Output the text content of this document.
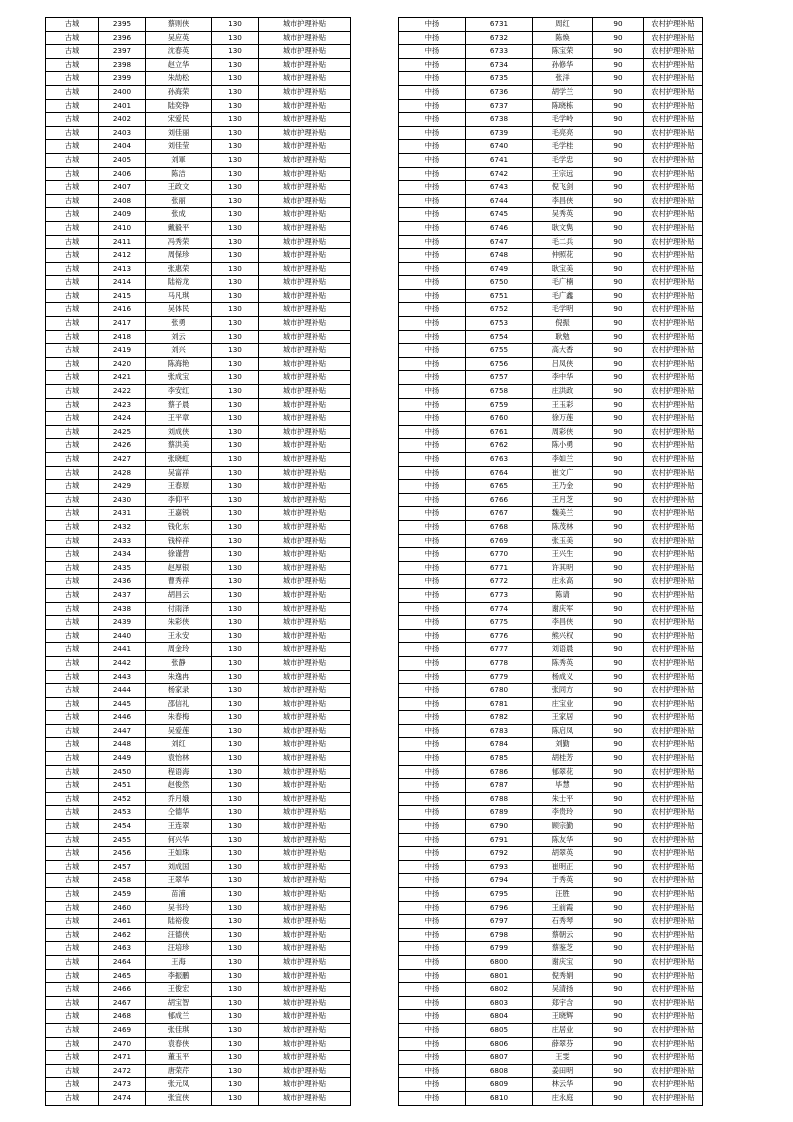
古城	2395	蔡则侠	130	城市护理补贴
古城	2396	吴应英	130	城市护理补贴
古城	2397	沈春英	130	城市护理补贴
古城	2398	赵立华	130	城市护理补贴
古城	2399	朱劼松	130	城市护理补贴
古城	2400	孙海荣	130	城市护理补贴
古城	2401	陆奕铮	130	城市护理补贴
古城	2402	宋爱民	130	城市护理补贴
古城	2403	刘佳丽	130	城市护理补贴
古城	2404	刘佳莹	130	城市护理补贴
古城	2405	刘軍	130	城市护理补贴
古城	2406	陈洁	130	城市护理补贴
古城	2407	王政文	130	城市护理补贴
古城	2408	张丽	130	城市护理补贴
古城	2409	张成	130	城市护理补贴
古城	2410	戴毅平	130	城市护理补贴
古城	2411	冯秀荣	130	城市护理补贴
古城	2412	周保珍	130	城市护理补贴
古城	2413	张惠荣	130	城市护理补贴
古城	2414	陆裕龙	130	城市护理补贴
古城	2415	马凡琪	130	城市护理补贴
古城	2416	吴体民	130	城市护理补贴
古城	2417	张勇	130	城市护理补贴
古城	2418	刘云	130	城市护理补贴
古城	2419	刘兴	130	城市护理补贴
古城	2420	陈海艳	130	城市护理补贴
古城	2421	张成宝	130	城市护理补贴
古城	2422	李安红	130	城市护理补贴
古城	2423	蔡子晨	130	城市护理补贴
古城	2424	王平章	130	城市护理补贴
古城	2425	刘成侠	130	城市护理补贴
古城	2426	蔡洪美	130	城市护理补贴
古城	2427	张晓虹	130	城市护理补贴
古城	2428	吴富祥	130	城市护理补贴
古城	2429	王春原	130	城市护理补贴
古城	2430	李仰平	130	城市护理补贴
古城	2431	王嘉锐	130	城市护理补贴
古城	2432	钱化东	130	城市护理补贴
古城	2433	钱梓祥	130	城市护理补贴
古城	2434	徐谨营	130	城市护理补贴
古城	2435	赵厚银	130	城市护理补贴
古城	2436	曹秀祥	130	城市护理补贴
古城	2437	胡昌云	130	城市护理补贴
古城	2438	付雨泽	130	城市护理补贴
古城	2439	朱彩侠	130	城市护理补贴
古城	2440	王永安	130	城市护理补贴
古城	2441	周金玲	130	城市护理补贴
古城	2442	张静	130	城市护理补贴
古城	2443	朱逸冉	130	城市护理补贴
古城	2444	杨家录	130	城市护理补贴
古城	2445	邵信礼	130	城市护理补贴
古城	2446	朱春梅	130	城市护理补贴
古城	2447	吴爱莲	130	城市护理补贴
古城	2448	刘红	130	城市护理补贴
古城	2449	袁怡林	130	城市护理补贴
古城	2450	程语海	130	城市护理补贴
古城	2451	赵俊然	130	城市护理补贴
古城	2452	乔月娥	130	城市护理补贴
古城	2453	仝德华	130	城市护理补贴
古城	2454	王连翠	130	城市护理补贴
古城	2455	何兴华	130	城市护理补贴
古城	2456	王如珠	130	城市护理补贴
古城	2457	刘成国	130	城市护理补贴
古城	2458	王翠华	130	城市护理补贴
古城	2459	苗浦	130	城市护理补贴
古城	2460	吴书玲	130	城市护理补贴
古城	2461	陆裕俊	130	城市护理补贴
古城	2462	汪德侠	130	城市护理补贴
古城	2463	汪培珍	130	城市护理补贴
古城	2464	王海	130	城市护理补贴
古城	2465	李振鹏	130	城市护理补贴
古城	2466	王俊宏	130	城市护理补贴
古城	2467	胡宝智	130	城市护理补贴
古城	2468	郁成兰	130	城市护理补贴
古城	2469	张佳琪	130	城市护理补贴
古城	2470	袁春侠	130	城市护理补贴
古城	2471	董玉平	130	城市护理补贴
古城	2472	唐荣芹	130	城市护理补贴
古城	2473	张元凤	130	城市护理补贴
古城	2474	张宜侠	130	城市护理补贴
中扬	6731	周红	90	农村护理补贴
中扬	6732	陈焕	90	农村护理补贴
中扬	6733	陈宝荣	90	农村护理补贴
中扬	6734	孙修华	90	农村护理补贴
中扬	6735	张洋	90	农村护理补贴
中扬	6736	胡学兰	90	农村护理补贴
中扬	6737	陈晓栋	90	农村护理补贴
中扬	6738	毛学岭	90	农村护理补贴
中扬	6739	毛亮亮	90	农村护理补贴
中扬	6740	毛学桂	90	农村护理补贴
中扬	6741	毛学忠	90	农村护理补贴
中扬	6742	王宗远	90	农村护理补贴
中扬	6743	倪飞剑	90	农村护理补贴
中扬	6744	李昌侠	90	农村护理补贴
中扬	6745	吴秀英	90	农村护理补贴
中扬	6746	耿文隽	90	农村护理补贴
中扬	6747	毛二兵	90	农村护理补贴
中扬	6748	仲照花	90	农村护理补贴
中扬	6749	耿宝美	90	农村护理补贴
中扬	6750	毛广楠	90	农村护理补贴
中扬	6751	毛广鑫	90	农村护理补贴
中扬	6752	毛学明	90	农村护理补贴
中扬	6753	倪振	90	农村护理补贴
中扬	6754	耿勉	90	农村护理补贴
中扬	6755	高大香	90	农村护理补贴
中扬	6756	吕凤侠	90	农村护理补贴
中扬	6757	李中华	90	农村护理补贴
中扬	6758	庄洪政	90	农村护理补贴
中扬	6759	王玉彩	90	农村护理补贴
中扬	6760	徐万莲	90	农村护理补贴
中扬	6761	周彩侠	90	农村护理补贴
中扬	6762	陈小勇	90	农村护理补贴
中扬	6763	李如兰	90	农村护理补贴
中扬	6764	崔文广	90	农村护理补贴
中扬	6765	王乃金	90	农村护理补贴
中扬	6766	王月芝	90	农村护理补贴
中扬	6767	魏美兰	90	农村护理补贴
中扬	6768	陈茂林	90	农村护理补贴
中扬	6769	张玉美	90	农村护理补贴
中扬	6770	王兴生	90	农村护理补贴
中扬	6771	许其明	90	农村护理补贴
中扬	6772	庄永高	90	农村护理补贴
中扬	6773	陈请	90	农村护理补贴
中扬	6774	谢庆军	90	农村护理补贴
中扬	6775	李昌侠	90	农村护理补贴
中扬	6776	熊兴权	90	农村护理补贴
中扬	6777	刘语晨	90	农村护理补贴
中扬	6778	陈秀英	90	农村护理补贴
中扬	6779	杨成义	90	农村护理补贴
中扬	6780	张同方	90	农村护理补贴
中扬	6781	庄宝业	90	农村护理补贴
中扬	6782	王家居	90	农村护理补贴
中扬	6783	陈启凤	90	农村护理补贴
中扬	6784	刘勤	90	农村护理补贴
中扬	6785	胡桂芳	90	农村护理补贴
中扬	6786	郁翠花	90	农村护理补贴
中扬	6787	毕慧	90	农村护理补贴
中扬	6788	朱士平	90	农村护理补贴
中扬	6789	李贵玲	90	农村护理补贴
中扬	6790	顾宗勤	90	农村护理补贴
中扬	6791	陈友华	90	农村护理补贴
中扬	6792	胡翠英	90	农村护理补贴
中扬	6793	崔明正	90	农村护理补贴
中扬	6794	于秀英	90	农村护理补贴
中扬	6795	汪胜	90	农村护理补贴
中扬	6796	王前霞	90	农村护理补贴
中扬	6797	石秀琴	90	农村护理补贴
中扬	6798	蔡朝云	90	农村护理补贴
中扬	6799	蔡鉴芝	90	农村护理补贴
中扬	6800	谢庆宝	90	农村护理补贴
中扬	6801	倪秀娟	90	农村护理补贴
中扬	6802	吴清扬	90	农村护理补贴
中扬	6803	郑宇含	90	农村护理补贴
中扬	6804	王晓辉	90	农村护理补贴
中扬	6805	庄居业	90	农村护理补贴
中扬	6806	薛翠芬	90	农村护理补贴
中扬	6807	王雯	90	农村护理补贴
中扬	6808	姜田明	90	农村护理补贴
中扬	6809	林云华	90	农村护理补贴
中扬	6810	庄永庭	90	农村护理补贴
